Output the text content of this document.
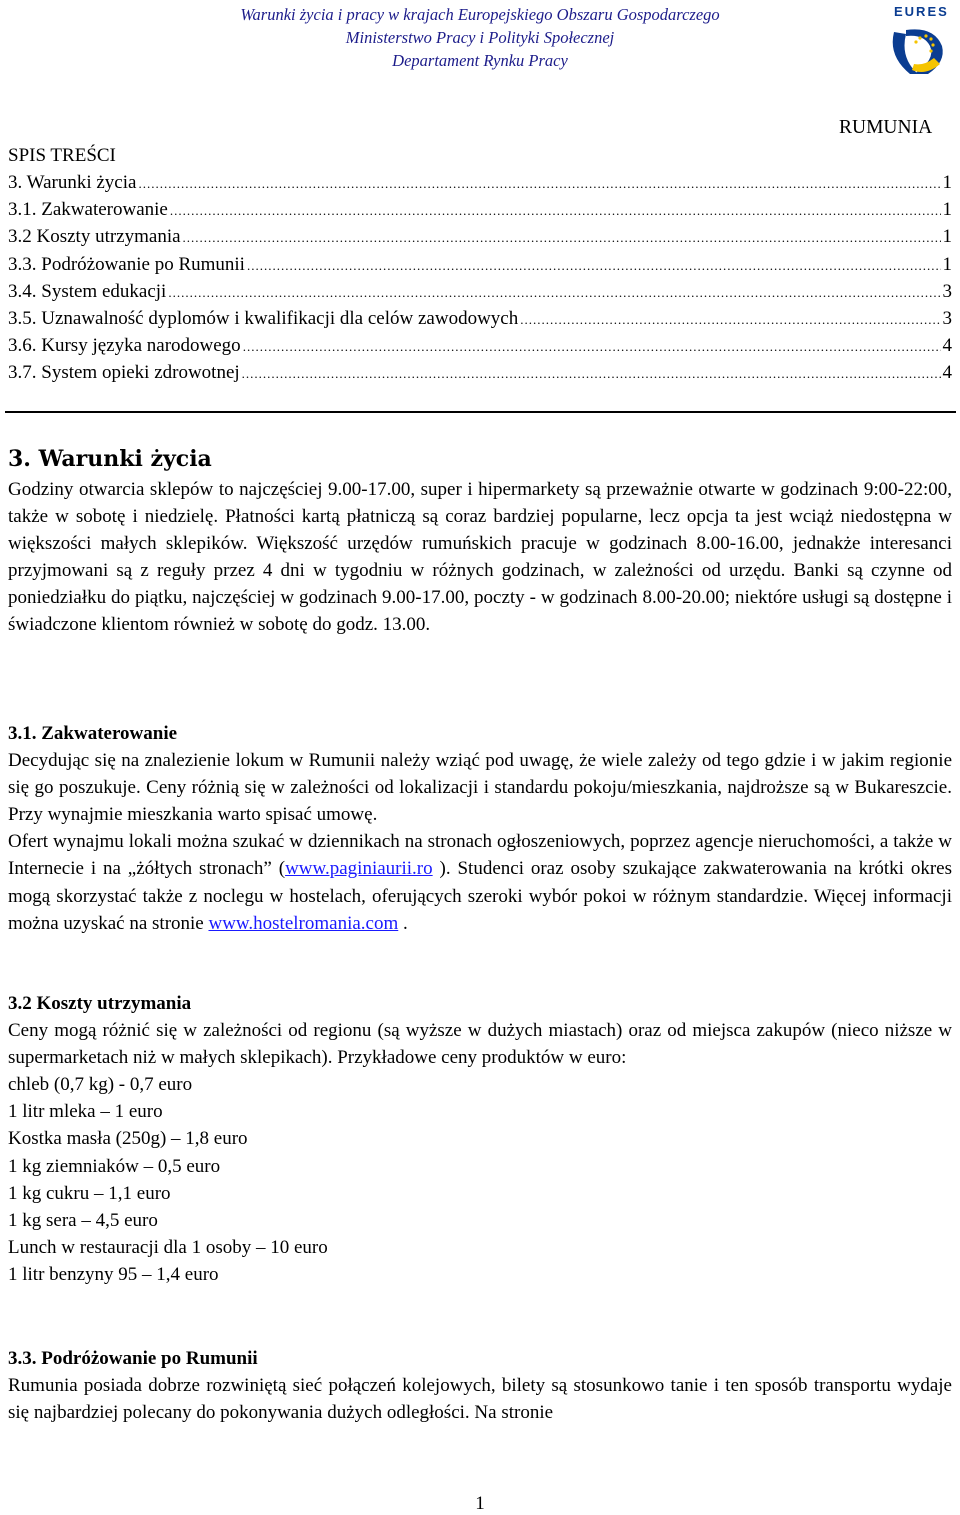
Warunki życia i pracy w krajach Europejskiego Obszaru Gospodarczego
Ministerstwo Pracy i Polityki Społecznej
Departament Rynku Pracy
EURES
RUMUNIA
SPIS TREŚCI
3. Warunki życia .....	1
3.1. Zakwaterowanie .....	1
3.2 Koszty utrzymania .....	1
3.3. Podróżowanie po Rumunii .....	1
3.4. System edukacji .....	3
3.5. Uznawalność dyplomów i kwalifikacji dla celów zawodowych .....	3
3.6. Kursy języka narodowego .....	4
3.7. System opieki zdrowotnej .....	4
3. Warunki życia

Godziny otwarcia sklepów to najczęściej 9.00-17.00, super i hipermarkety są przeważnie otwarte w godzinach 9:00-22:00, także w sobotę i niedzielę. Płatności kartą płatniczą są coraz bardziej popularne, lecz opcja ta jest wciąż niedostępna w większości małych sklepików. Większość urzędów rumuńskich pracuje w godzinach 8.00-16.00, jednakże interesanci przyjmowani są z reguły przez 4 dni w tygodniu w różnych godzinach, w zależności od urzędu. Banki są czynne od poniedziałku do piątku, najczęściej w godzinach 9.00-17.00, poczty - w godzinach 8.00-20.00; niektóre usługi są dostępne i świadczone klientom również w sobotę do godz. 13.00.

3.1. Zakwaterowanie

Decydując się na znalezienie lokum w Rumunii należy wziąć pod uwagę, że wiele zależy od tego gdzie i w jakim regionie się go poszukuje. Ceny różnią się w zależności od lokalizacji i standardu pokoju/mieszkania, najdroższe są w Bukareszcie. Przy wynajmie mieszkania warto spisać umowę.

Ofert wynajmu lokali można szukać w dziennikach na stronach ogłoszeniowych, poprzez agencje nieruchomości, a także w Internecie i na „żółtych stronach” (www.paginiaurii.ro ). Studenci oraz osoby szukające zakwaterowania na krótki okres mogą skorzystać także z noclegu w hostelach, oferujących szeroki wybór pokoi w różnym standardzie. Więcej informacji można uzyskać na stronie www.hostelromania.com .

3.2 Koszty utrzymania

Ceny mogą różnić się w zależności od regionu (są wyższe w dużych miastach) oraz od miejsca zakupów (nieco niższe w supermarketach niż w małych sklepikach). Przykładowe ceny produktów w euro:

chleb (0,7 kg) - 0,7 euro

1 litr mleka – 1 euro

Kostka masła (250g) – 1,8 euro

1 kg ziemniaków – 0,5 euro

1 kg cukru – 1,1 euro

1 kg sera – 4,5 euro

Lunch w restauracji dla 1 osoby – 10 euro

1 litr benzyny 95 – 1,4 euro

3.3. Podróżowanie po Rumunii

Rumunia posiada dobrze rozwiniętą sieć połączeń kolejowych, bilety są stosunkowo tanie i ten sposób transportu wydaje się najbardziej polecany do pokonywania dużych odległości. Na stronie

1
